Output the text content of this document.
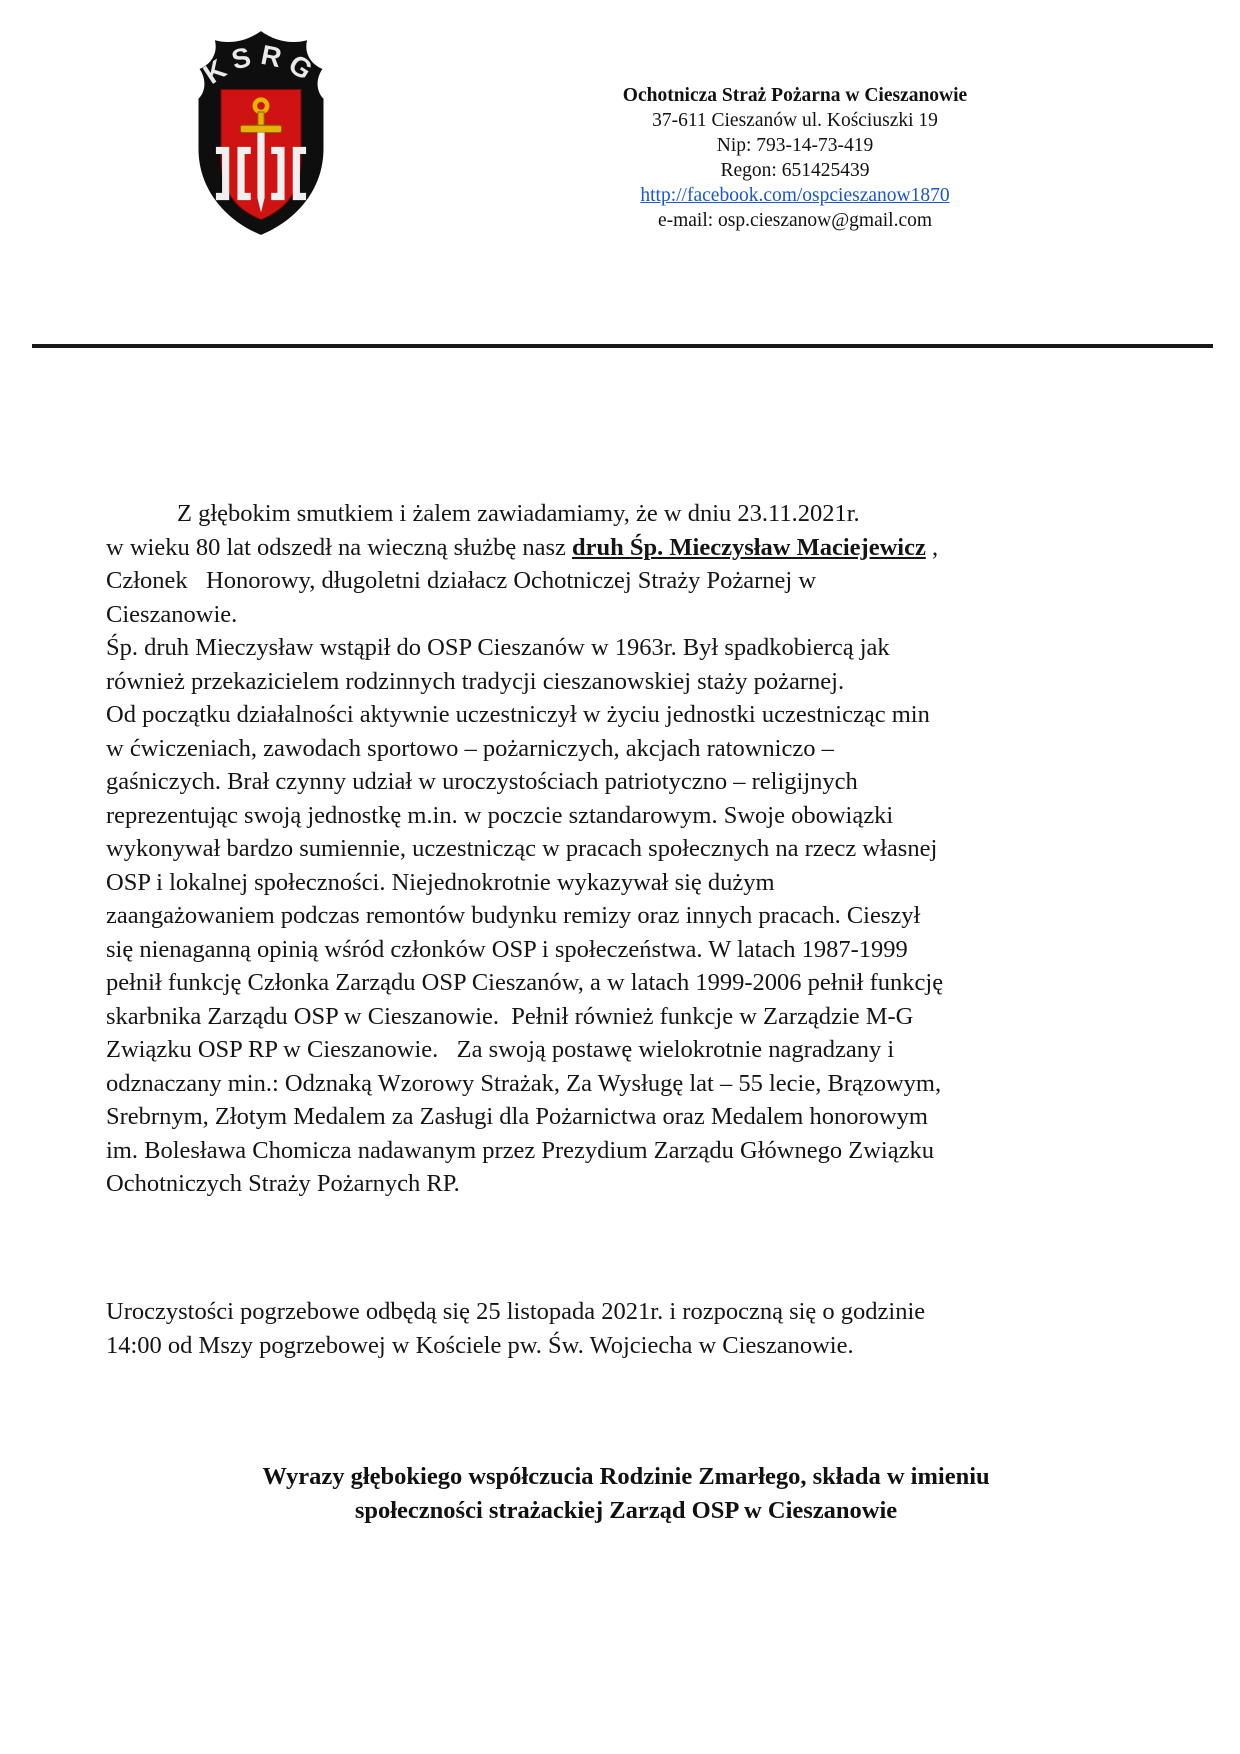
KSRG
Ochotnicza Straż Pożarna w Cieszanowie
37-611 Cieszanów ul. Kościuszki 19
Nip: 793-14-73-419
Regon: 651425439
http://facebook.com/ospcieszanow1870
e-mail: osp.cieszanow@gmail.com
Z głębokim smutkiem i żalem zawiadamiamy, że w dniu 23.11.2021r.
w wieku 80 lat odszedł na wieczną służbę nasz druh Śp. Mieczysław Maciejewicz ,
Członek   Honorowy, długoletni działacz Ochotniczej Straży Pożarnej w
Cieszanowie.
Śp. druh Mieczysław wstąpił do OSP Cieszanów w 1963r. Był spadkobiercą jak
również przekazicielem rodzinnych tradycji cieszanowskiej staży pożarnej.
Od początku działalności aktywnie uczestniczył w życiu jednostki uczestnicząc min
w ćwiczeniach, zawodach sportowo – pożarniczych, akcjach ratowniczo –
gaśniczych. Brał czynny udział w uroczystościach patriotyczno – religijnych
reprezentując swoją jednostkę m.in. w poczcie sztandarowym. Swoje obowiązki
wykonywał bardzo sumiennie, uczestnicząc w pracach społecznych na rzecz własnej
OSP i lokalnej społeczności. Niejednokrotnie wykazywał się dużym
zaangażowaniem podczas remontów budynku remizy oraz innych pracach. Cieszył
się nienaganną opinią wśród członków OSP i społeczeństwa. W latach 1987-1999
pełnił funkcję Członka Zarządu OSP Cieszanów, a w latach 1999-2006 pełnił funkcję
skarbnika Zarządu OSP w Cieszanowie.  Pełnił również funkcje w Zarządzie M-G
Związku OSP RP w Cieszanowie.   Za swoją postawę wielokrotnie nagradzany i
odznaczany min.: Odznaką Wzorowy Strażak, Za Wysługę lat – 55 lecie, Brązowym,
Srebrnym, Złotym Medalem za Zasługi dla Pożarnictwa oraz Medalem honorowym
im. Bolesława Chomicza nadawanym przez Prezydium Zarządu Głównego Związku
Ochotniczych Straży Pożarnych RP.
Uroczystości pogrzebowe odbędą się 25 listopada 2021r. i rozpoczną się o godzinie
14:00 od Mszy pogrzebowej w Kościele pw. Św. Wojciecha w Cieszanowie.
Wyrazy głębokiego współczucia Rodzinie Zmarłego, składa w imieniu
społeczności strażackiej Zarząd OSP w Cieszanowie
